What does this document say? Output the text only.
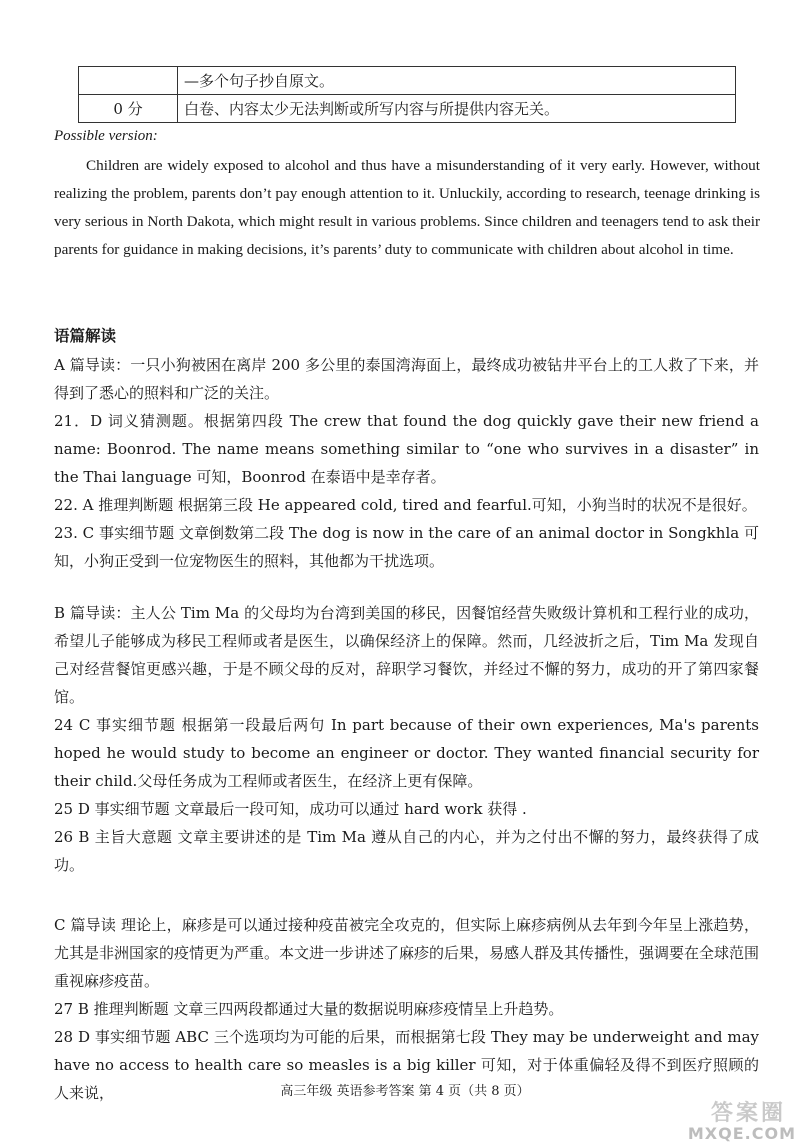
	—多个句子抄自原文。
0 分	白卷、内容太少无法判断或所写内容与所提供内容无关。
Possible version:

Children are widely exposed to alcohol and thus have a misunderstanding of it very early. However, without realizing the problem, parents don’t pay enough attention to it. Unluckily, according to research, teenage drinking is very serious in North Dakota, which might result in various problems. Since children and teenagers tend to ask their parents for guidance in making decisions, it’s parents’ duty to communicate with children about alcohol in time.

语篇解读

A 篇导读：一只小狗被困在离岸 200 多公里的泰国湾海面上，最终成功被钻井平台上的工人救了下来，并得到了悉心的照料和广泛的关注。

21．D 词义猜测题。根据第四段 The crew that found the dog quickly gave their new friend a name: Boonrod. The name means something similar to “one who survives in a disaster” in the Thai language 可知，Boonrod 在泰语中是幸存者。

22. A 推理判断题 根据第三段 He appeared cold, tired and fearful.可知，小狗当时的状况不是很好。

23. C 事实细节题 文章倒数第二段 The dog is now in the care of an animal doctor in Songkhla 可知，小狗正受到一位宠物医生的照料，其他都为干扰选项。

B 篇导读：主人公 Tim Ma 的父母均为台湾到美国的移民，因餐馆经营失败级计算机和工程行业的成功，希望儿子能够成为移民工程师或者是医生，以确保经济上的保障。然而，几经波折之后，Tim Ma 发现自己对经营餐馆更感兴趣，于是不顾父母的反对，辞职学习餐饮，并经过不懈的努力，成功的开了第四家餐馆。

24 C 事实细节题 根据第一段最后两句 In part because of their own experiences, Ma's parents hoped he would study to become an engineer or doctor. They wanted financial security for their child.父母任务成为工程师或者医生，在经济上更有保障。

25 D 事实细节题 文章最后一段可知，成功可以通过 hard work 获得 .

26 B 主旨大意题 文章主要讲述的是 Tim Ma 遵从自己的内心，并为之付出不懈的努力，最终获得了成功。

C 篇导读 理论上，麻疹是可以通过接种疫苗被完全攻克的，但实际上麻疹病例从去年到今年呈上涨趋势，尤其是非洲国家的疫情更为严重。本文进一步讲述了麻疹的后果，易感人群及其传播性，强调要在全球范围重视麻疹疫苗。

27 B 推理判断题 文章三四两段都通过大量的数据说明麻疹疫情呈上升趋势。

28 D 事实细节题 ABC 三个选项均为可能的后果，而根据第七段 They may be underweight and may have no access to health care so measles is a big killer 可知，对于体重偏轻及得不到医疗照顾的人来说，	高三年级 英语参考答案 第 4 页（共 8 页）
答案圈
MXQE.COM
